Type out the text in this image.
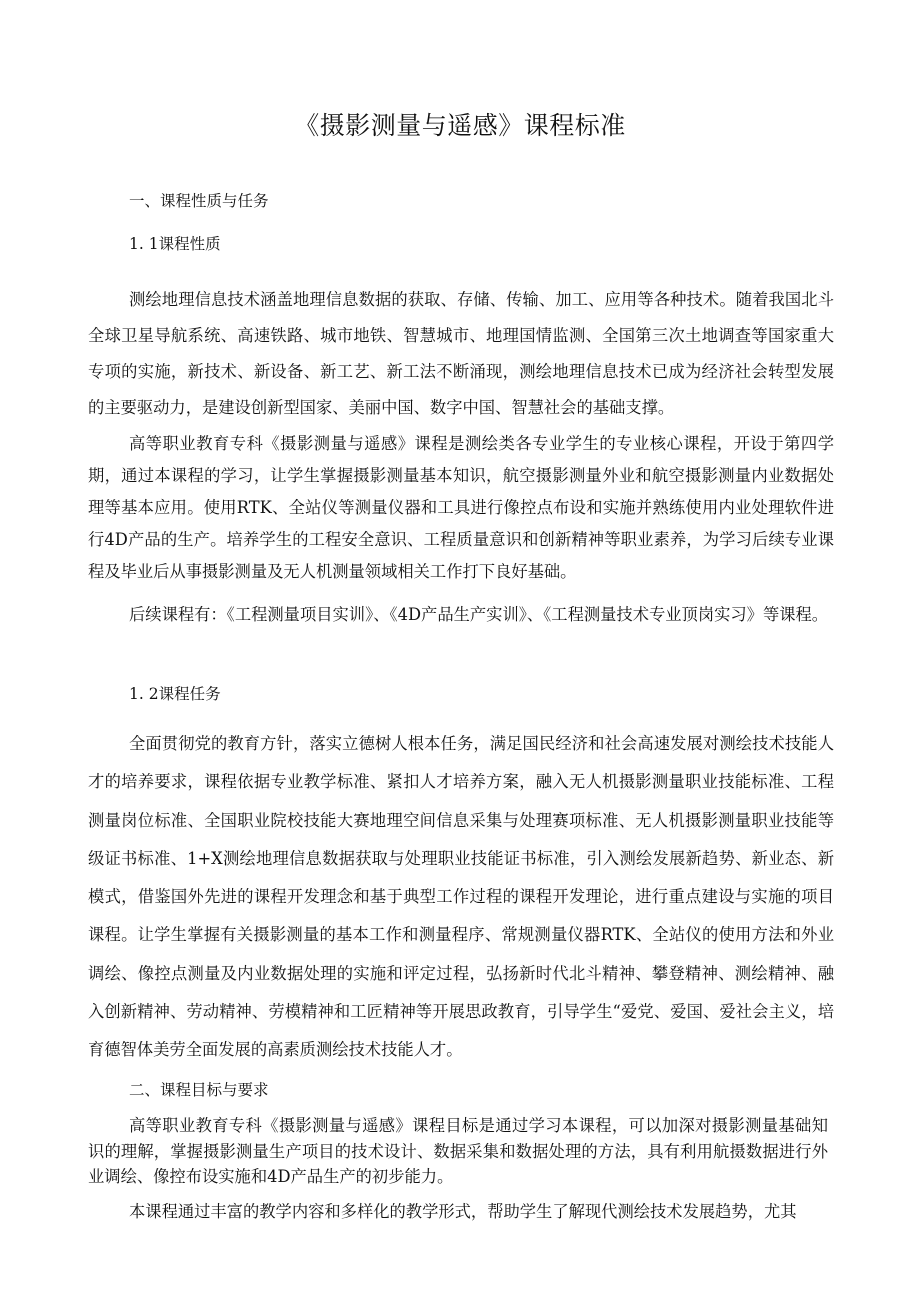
《摄影测量与遥感》课程标准
一、课程性质与任务
1. 1课程性质

测绘地理信息技术涵盖地理信息数据的获取、存储、传输、加工、应用等各种技术。随着我国北斗全球卫星导航系统、高速铁路、城市地铁、智慧城市、地理国情监测、全国第三次土地调查等国家重大专项的实施，新技术、新设备、新工艺、新工法不断涌现，测绘地理信息技术已成为经济社会转型发展的主要驱动力，是建设创新型国家、美丽中国、数字中国、智慧社会的基础支撑。

高等职业教育专科《摄影测量与遥感》课程是测绘类各专业学生的专业核心课程，开设于第四学期，通过本课程的学习，让学生掌握摄影测量基本知识，航空摄影测量外业和航空摄影测量内业数据处理等基本应用。使用RTK、全站仪等测量仪器和工具进行像控点布设和实施并熟练使用内业处理软件进行4D产品的生产。培养学生的工程安全意识、工程质量意识和创新精神等职业素养，为学习后续专业课程及毕业后从事摄影测量及无人机测量领域相关工作打下良好基础。

后续课程有：《工程测量项目实训》、《4D产品生产实训》、《工程测量技术专业顶岗实习》等课程。

1. 2课程任务

全面贯彻党的教育方针，落实立德树人根本任务，满足国民经济和社会高速发展对测绘技术技能人才的培养要求，课程依据专业教学标准、紧扣人才培养方案，融入无人机摄影测量职业技能标准、工程测量岗位标准、全国职业院校技能大赛地理空间信息采集与处理赛项标准、无人机摄影测量职业技能等级证书标准、1+X测绘地理信息数据获取与处理职业技能证书标准，引入测绘发展新趋势、新业态、新模式，借鉴国外先进的课程开发理念和基于典型工作过程的课程开发理论，进行重点建设与实施的项目课程。让学生掌握有关摄影测量的基本工作和测量程序、常规测量仪器RTK、全站仪的使用方法和外业调绘、像控点测量及内业数据处理的实施和评定过程，弘扬新时代北斗精神、攀登精神、测绘精神、融入创新精神、劳动精神、劳模精神和工匠精神等开展思政教育，引导学生“爱党、爱国、爱社会主义，培育德智体美劳全面发展的高素质测绘技术技能人才。

二、课程目标与要求

高等职业教育专科《摄影测量与遥感》课程目标是通过学习本课程，可以加深对摄影测量基础知识的理解，掌握摄影测量生产项目的技术设计、数据采集和数据处理的方法，具有利用航摄数据进行外业调绘、像控布设实施和4D产品生产的初步能力。

本课程通过丰富的教学内容和多样化的教学形式，帮助学生了解现代测绘技术发展趋势，尤其
